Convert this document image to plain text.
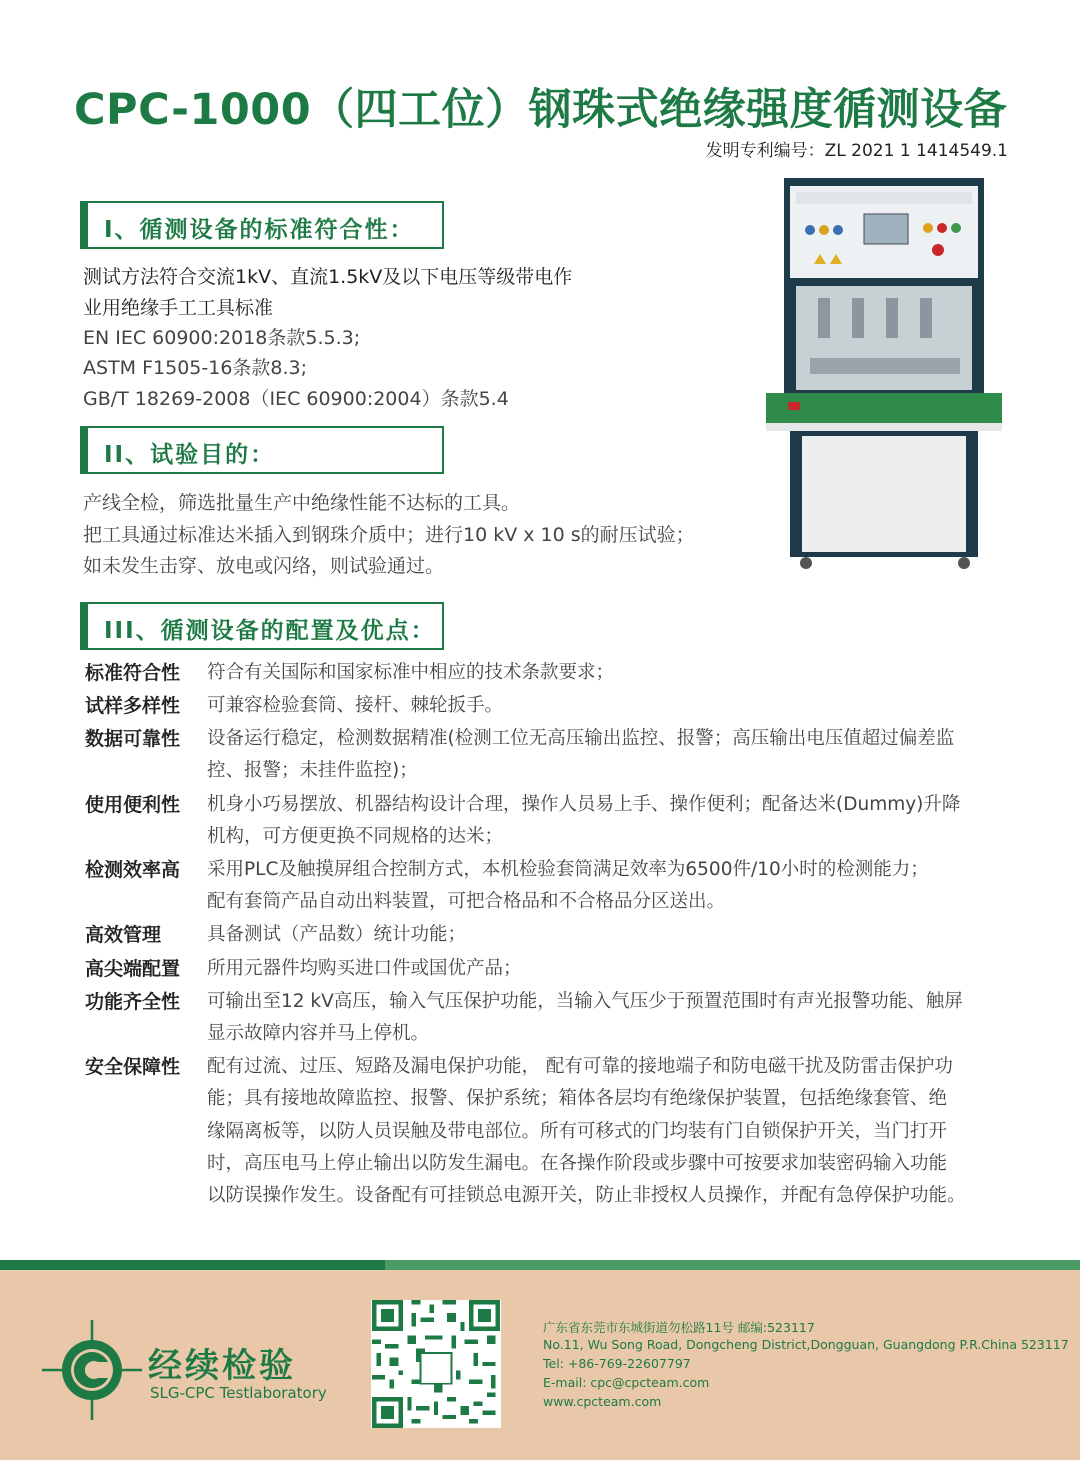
CPC-1000（四工位）钢珠式绝缘强度循测设备
发明专利编号：ZL 2021 1 1414549.1
I、循测设备的标准符合性：
测试方法符合交流1kV、直流1.5kV及以下电压等级带电作
业用绝缘手工工具标准
EN IEC 60900:2018条款5.5.3;
ASTM F1505-16条款8.3;
GB/T 18269-2008（IEC 60900:2004）条款5.4
II、试验目的：
产线全检，筛选批量生产中绝缘性能不达标的工具。
把工具通过标准达米插入到钢珠介质中；进行10 kV x 10 s的耐压试验；
如未发生击穿、放电或闪络，则试验通过。
III、循测设备的配置及优点：
标准符合性 符合有关国际和国家标准中相应的技术条款要求；
试样多样性 可兼容检验套筒、接杆、棘轮扳手。
数据可靠性 设备运行稳定，检测数据精准(检测工位无高压输出监控、报警；高压输出电压值超过偏差监
控、报警；未挂件监控)；
使用便利性 机身小巧易摆放、机器结构设计合理，操作人员易上手、操作便利；配备达米(Dummy)升降
机构，可方便更换不同规格的达米；
检测效率高 采用PLC及触摸屏组合控制方式，本机检验套筒满足效率为6500件/10小时的检测能力；
配有套筒产品自动出料装置，可把合格品和不合格品分区送出。
高效管理 具备测试（产品数）统计功能；
高尖端配置 所用元器件均购买进口件或国优产品；
功能齐全性 可输出至12 kV高压，输入气压保护功能，当输入气压少于预置范围时有声光报警功能、触屏
显示故障内容并马上停机。
安全保障性 配有过流、过压、短路及漏电保护功能， 配有可靠的接地端子和防电磁干扰及防雷击保护功
能；具有接地故障监控、报警、保护系统；箱体各层均有绝缘保护装置，包括绝缘套管、绝
缘隔离板等，以防人员误触及带电部位。所有可移式的门均装有门自锁保护开关，当门打开
时，高压电马上停止输出以防发生漏电。在各操作阶段或步骤中可按要求加装密码输入功能
以防误操作发生。设备配有可挂锁总电源开关，防止非授权人员操作，并配有急停保护功能。
经续检验
SLG-CPC Testlaboratory
广东省东莞市东城街道勿松路11号 邮编:523117
No.11, Wu Song Road, Dongcheng District,Dongguan, Guangdong P.R.China 523117
Tel: +86-769-22607797
E-mail: cpc@cpcteam.com
www.cpcteam.com
